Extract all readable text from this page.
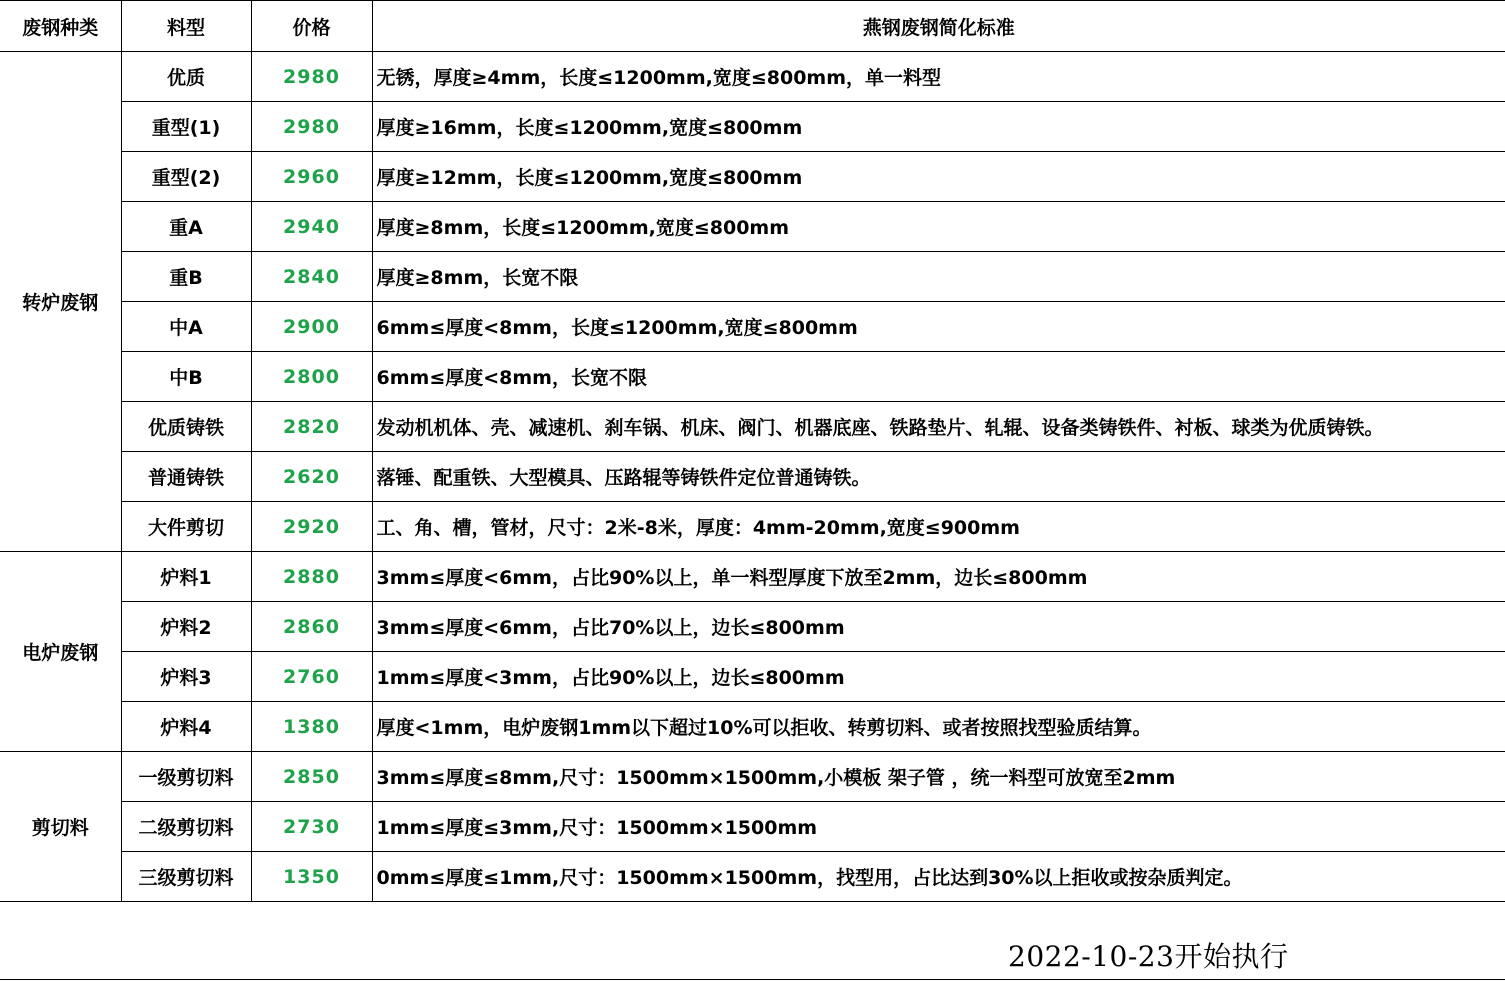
废钢种类	料型	价格	燕钢废钢简化标准
转炉废钢	优质	2980	无锈，厚度≥4mm，长度≤1200mm,宽度≤800mm，单一料型
	重型(1)	2980	厚度≥16mm，长度≤1200mm,宽度≤800mm
	重型(2)	2960	厚度≥12mm，长度≤1200mm,宽度≤800mm
	重A	2940	厚度≥8mm，长度≤1200mm,宽度≤800mm
	重B	2840	厚度≥8mm，长宽不限
	中A	2900	6mm≤厚度<8mm，长度≤1200mm,宽度≤800mm
	中B	2800	6mm≤厚度<8mm，长宽不限
	优质铸铁	2820	发动机机体、壳、减速机、刹车锅、机床、阀门、机器底座、铁路垫片、轧辊、设备类铸铁件、衬板、球类为优质铸铁。
	普通铸铁	2620	落锤、配重铁、大型模具、压路辊等铸铁件定位普通铸铁。
	大件剪切	2920	工、角、槽，管材，尺寸：2米-8米，厚度：4mm-20mm,宽度≤900mm
电炉废钢	炉料1	2880	3mm≤厚度<6mm，占比90%以上，单一料型厚度下放至2mm，边长≤800mm
	炉料2	2860	3mm≤厚度<6mm，占比70%以上，边长≤800mm
	炉料3	2760	1mm≤厚度<3mm，占比90%以上，边长≤800mm
	炉料4	1380	厚度<1mm，电炉废钢1mm以下超过10%可以拒收、转剪切料、或者按照找型验质结算。
剪切料	一级剪切料	2850	3mm≤厚度≤8mm,尺寸：1500mm×1500mm,小模板 架子管 ，统一料型可放宽至2mm
	二级剪切料	2730	1mm≤厚度≤3mm,尺寸：1500mm×1500mm
	三级剪切料	1350	0mm≤厚度≤1mm,尺寸：1500mm×1500mm，找型用，占比达到30%以上拒收或按杂质判定。
2022-10-23开始执行
